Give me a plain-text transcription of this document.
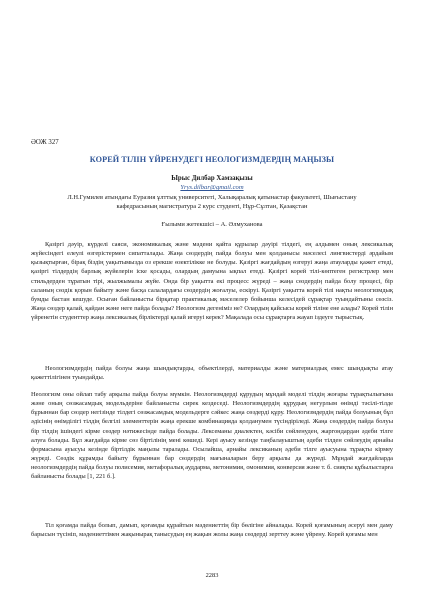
ӘОЖ 327
КОРЕЙ ТІЛІН ҮЙРЕНУДЕГІ НЕОЛОГИЗМДЕРДІҢ МАҢЫЗЫ
Ырыс Дилбар Хамзақызы
Yrys.dilbar@gmail.com
Л.Н.Гумилев атындағы Еуразия ұлттық университеті, Халықаралық қатынастар факультеті, Шығыстану кафедрасының магистратура 2 курс студенті, Нұр-Сұлтан, Қазақстан
Ғылыми жетекшісі – А. Әлмуханова

Қазіргі дәуір, күрделі саяси, экономикалық және мәдени қайта құрылар дәуірі тілдегі, ең алдымен оның лексикалық жүйесіндегі елеулі өзгерістермен сипатталады. Жаңа сөздердің пайда болуы мен қолданысы мәселесі лингвистерді әрдайым қызықтырған, бірақ біздің уақытымызда оз ерекше өзектілікке не болуды. Қазіргі жағдайдың өзгеруі жаңа атауларды қажет етеді, қазіргі тілдердің барлық жүйелерін іске қосады, олардың дамуына ықпал етеді. Қазіргі корей тілі-көптеген регистрлер мен стильдерден тұратын тірі, жылжымалы жүйе. Онда бір уақытта екі процесс жүреді – жаңа сөздердің пайда болу процесі, бір саланың сөздік қорын байыту және басқа салалардағы сөздердің жоғалуы, ескіруі. Қазіргі уақытта корей тілі нақты неологизмдық бумды бастан кешуде. Осыған байланысты бірқатар практикалық мәселелер бойынша келесідей сұрақтар туындайтыны сөзсіз. Жаңа сөздер қалай, қайдан және неге пайда болады? Неологизм дегеніміз не? Олардың қайсысы корей тіліне ене алады? Корей тілін үйренетін студенттер жаңа лексикалық бірліктерді қалай игеруі керек? Мақалада осы сұрақтарға жауап іздеуге тырыстық.

Неологизмдердің пайда болуы жаңа шындықтарды, объектілерді, материалды және материалдық емес шындықты атау қажеттілігінен туындайды.

Неологизм оны ойлап табу арқылы пайда болуы мүмкін. Неологизмдерді құрудың мұндай моделі тілдің жоғары тұрақтылығына және оның сөзжасамдық модельдеріне байланысты сирек кездеседі. Неологизмдердің құрудың негурлым өнімді тәсілі-тілде бұрыннан бар сөздер негізінде тілдегі сөзжасамдық модельдерге сәйкес жаңа сөздерді құру. Неологизмдердің пайда болуының бұл әдісінің өнімділігі тілдің белгілі элементтерін жаңа ерекше комбинацияда қолданумен түсіндіріледі. Жаңа сөздердің пайда болуы бір тілдің ішіндегі кірме сөздер нәтижесінде пайда болады. Лексеманы диалектен, кәсіби сөйленуден, жаргондардан әдеби тілге алуға болады. Бұл жағдайда кірме сөз біртілінің мені көшеді. Кері ауысу кезінде таңбалауыштың әдеби тілден сөйлеудің арнайы формасына ауысуы кезінде біртілдік маңызы таралады. Осылайша, арнайы лексиканың әдеби тілге ауысуына тұрақты кірмеу жүреді. Сөздік құрамды байыту бұрыннан бар сөздердің мағыналарын беру арқылы да жүреді. Мұндай жағдайларда неологизмдердің пайда болуы полисемия, метафоралық ауддарма, метонимия, омонимия, конверсия және т. б. сияқты құбылыстарға байланысты болады [1, 221 б.].

Тіл қоғамда пайда болып, дамып, қоғамды құрайтын мәдениеттің бір бөлігіне айналады. Корей қоғамының әсеруі мен даму барысын түсініп, мәдениеттімен жақынырақ танысудың ең жақын жолы жаңа сөздерді зерттеу және үйрену. Корей қоғамы мен

2283
